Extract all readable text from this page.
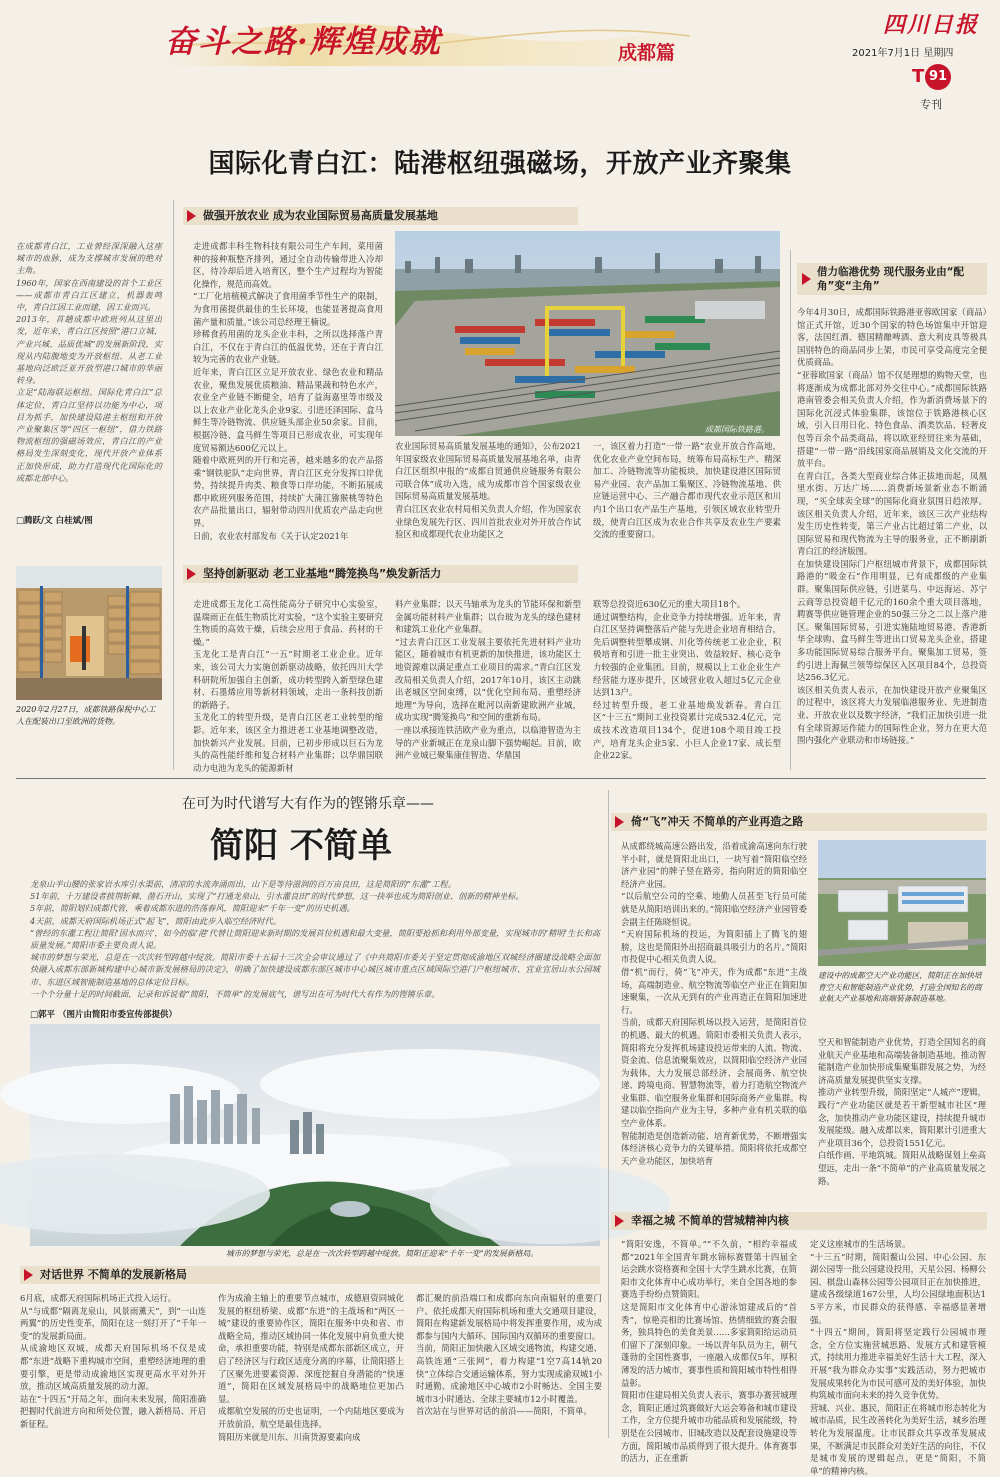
奋斗之路·辉煌成就	成都篇
四川日报
2021年7月1日 星期四
T 91
专刊
国际化青白江：陆港枢纽强磁场，开放产业齐聚集
做强开放农业 成为农业国际贸易高质量发展基地
在成都青白江，工业曾经深深融入这座城市的血脉，成为支撑城市发展的绝对主角。
1960年，国家在西南建设的首个工业区——成都市青白江区建立，机器轰鸣中，青白江因工业而建，因工业而兴。
2013年，首趟成都中欧班列从这里出发，近年来，青白江区按照“港口立城、产业兴城、品质优城”的发展新阶段，实现从内陆腹地变为开放枢纽、从老工业基地向泛欧泛亚开放型港口城市的华丽转身。
立足“陆海联运枢纽、国际化青白江”总体定位，青白江坚持以功能为中心，项目为抓手，加快建设陆港主枢纽和开放产业聚集区等“四区一枢纽”，借力铁路物流枢纽的强磁场效应，青白江的产业格局发生深刻变化，现代开放产业体系正加快形成，助力打造现代化国际化的成都北部中心。
□腾跃/文 白桂斌/图
2020年2月27日，成都铁路保税中心工人在配装出口至欧洲的货物。
成都国际铁路港。
走进成都丰科生物科技有限公司生产车间，菜用菌种的接种瓶整齐排列，通过全自动传输带进入冷却区，待冷却后进入培育区，整个生产过程均为智能化操作，规范而高效。
“工厂化培植模式解决了食用菌季节性生产的限制，为食用菌提供最佳的生长环境，也能显著提高食用菌产量和质量。”该公司总经理王楠说。
珍稀食药用菌的龙头企业丰科，之所以选择落户青白江，不仅在于青白江的低温优势，还在于青白江较为完善的农业产业链。
近年来，青白江区立足开放农业、绿色农业和精品农业，聚焦发展优质粮油、精品果蔬和特色水产，农业全产业链不断健全，培育了益海嘉里等市级及以上农业产业化龙头企业9家。引进还泽国际、盒马鲜生等冷链物流、供应链头部企业50余家。目前，根据冷链、盒马鲜生等项目已形成农业，可实现年度贸易额达600亿元以上。
随着中欧班列的开行和完善，越来越多的农产品搭乘“钢铁驼队”走向世界，青白江区充分发挥口岸优势，持续提升肉类、粮食等口岸功能，不断拓展成都中欧班列服务范围，持续扩大蒲江猕猴桃等特色农产品批量出口，辐射带动四川优质农产品走向世界。
日前，农业农村部发布《关于认定2021年
农业国际贸易高质量发展基地的通知》，公布2021年国家级农业国际贸易高质量发展基地名单，由青白江区组织申报的“成都自贸通供应链服务有限公司联合体”成功入选，成为成都市首个国家级农业国际贸易高质量发展基地。
青白江区农业农村局相关负责人介绍，作为国家农业绿色发展先行区、四川首批农业对外开放合作试验区和成都现代农业功能区之
一，该区着力打造“一带一路”农业开放合作高地，优化农业产业空间布局，统筹布局高标生产、精深加工、冷链物流等功能板块，加快建设港区国际贸易产业园、农产品加工集聚区、冷链物流基地、供应链运营中心、三产融合都市现代农业示范区和川内1个出口农产品生产基地，引领区域农业转型升级，使青白江区成为农业合作共享及农业生产要素交流的重要窗口。
坚持创新驱动 老工业基地“腾笼换鸟”焕发新活力
走进成都玉龙化工高性能高分子研究中心实验室，温瑞雨正在低生物质比对实验，“这个实验主要研究生物质的高效干燥，后续会应用于食品、药材的干燥。”
玉龙化工是青白江“一五”时期老工业企业。近年来，该公司大力实施创新驱动战略，依托四川大学科研院所加强自主创新，成功转型跨入新型绿色建材、石墨烯应用等新材料领域，走出一条科技创新的新路子。
玉龙化工的转型升级，是青白江区老工业转型的缩影。近年来，该区全力推进老工业基地调整改造，加快新兴产业发展。目前，已初步形成以巨石为龙头的高性能纤维和复合材料产业集群；以华鼎国联动力电池为龙头的能源新材
料产业集群；以天马轴承为龙头的节能环保和新型金属功能材料产业集群；以台玻为龙头的绿色建材和建筑工业化产业集群。
“过去青白江区工业发展主要依托先进材料产业功能区，随着城市有机更新的加快推进，该功能区土地资源难以满足重点工业项目的需求。”青白江区发改局相关负责人介绍，2017年10月，该区主动跳出老城区空间束缚，以“优化空间布局、重塑经济地理”为导向，选择在毗河以南新建欧洲产业城，成功实现“腾笼换鸟”和空间的重新布局。
一座以承接连铁活欧产业为重点，以临港智造为主导的产业新城正在龙泉山脚下强势崛起。目前，欧洲产业城已聚集康佳智造、华鼎国
联等总投资近630亿元的重大项目18个。
通过调整结构，企业竞争力持续增强。近年来，青白江区坚持调整落后产能与先进企业培育相结合，先后调整转型攀成钢、川化等传统老工业企业，积极培育和引进一批主业突出、效益较好、核心竞争力较强的企业集团。目前，规模以上工业企业生产经营能力逐步提升，区域营业收入超过5亿元企业达到13户。
经过转型升级，老工业基地焕发新春。青白江区“十三五”期间工业投资累计完成532.4亿元，完成技术改造项目134个，促进108个项目竣工投产，培育龙头企业5家、小巨人企业17家、成长型企业22家。
借力临港优势 现代服务业由“配角”变“主角”
今年4月30日，成都国际铁路港亚蓉欧国家（商品）馆正式开馆，近30个国家的特色场馆集中开馆迎客，法国红酒、德国精酿啤酒、意大利皮具等极具国别特色的商品同步上架，市民可享受高度完全便优质商品。
“亚蓉欧国家（商品）馆不仅是理想的购物天堂，也将逐渐成为成都北部对外交往中心。”成都国际铁路港南管委会相关负责人介绍，作为新消费场景下的国际化沉浸式体验集群，该馆位于铁路港核心区域，引入日用日化、特色食品、酒类饮品、轻奢皮包等百余个品类商品，将以欧亚经贸往来为基础，搭建“一带一路”沿线国家商品展销及文化交流的开放平台。
在青白江，各类大型商业综合体正拔地而起，凤凰里水街、万达广场……消费新场景新业态不断涌现，“买全球卖全球”的国际化商业氛围日趋浓厚。该区相关负责人介绍，近年来，该区三次产业结构发生历史性转变，第三产业占比超过第二产业，以国际贸易和现代物流为主导的服务业，正不断刷新青白江的经济版图。
在加快建设国际门户枢纽城市背景下，成都国际铁路港的“吸金石”作用明显，已有成都级的产业集群。聚集国际供应链，引进菜鸟、中远海运、苏宁云商等总投资超千亿元的160余个重大项目落地，聘赛等供应链管理企业的50强三分之二以上落户港区。聚集国际贸易，引进实施陆地贸易港、香港新华全球购、盒马鲜生等进出口贸易龙头企业，搭建多功能国际贸易综合服务平台。聚集加工贸易，签约引进上海佩兰领等综保区入区项目84个，总投资达256.3亿元。
该区相关负责人表示，在加快建设开放产业聚集区的过程中，该区将大力发展临港服务业、先进制造业、开放农业以及数字经济，“我们正加快引进一批有全球资源运作能力的国际性企业，努力在更大范围内强化产业联动和市场链接。”
在可为时代谱写大有作为的铿锵乐章——
简阳 不简单
龙泉山半山腰的张家岩水库引水渠前，清凉的水流奔涌而出，山下是等待滋润的百万亩良田，这是简阳的“东灌”工程。
51年前，十万建设者披荆斩棘、凿石开山，实现了“打通龙泉山，引水灌良田”的时代梦想，这一抉举也成为简阳创业、创新的精神坐标。
5年前，简阳划归成都代管，乘着成都东进的浩荡春风，简阳迎来“千年一变”的历史机遇。
4天前，成都天府国际机场正式“起飞”，简阳由此步入临空经济时代。
“曾经的东灌工程让简阳‘因水而兴’，如今的临‘港’代替让简阳迎来新时期的发展首位机遇和最大变量，简阳要抢抓和利用外部变量，实现城市的‘精明’生长和高质量发展。”简阳市委主要负责人说。
城市的梦想与荣光，总是在一次次转型跨越中绽放。简阳市委十五届十三次全会审议通过了《中共简阳市委关于坚定贯彻成渝地区双城经济圈建设战略全面加快融入成都东部新城构建中心城市新发展格局的决定》，明确了加快建设成都东部区城市中心城区城市重点区域国际空港门户枢纽城市、宜业宜居山水公园城市、东进区域智能制造基地的总体定位目标。
一个个分量十足的时间截面，记录和诉说着“简阳，不简单”的发展底气，谱写出在可为时代大有作为的铿锵乐章。
□郭平 （图片由简阳市委宣传部提供）
城市的梦想与荣光，总是在一次次转型跨越中绽放。简阳正迎来“千年一变”的发展新格局。
对话世界 不简单的发展新格局
6月底，成都天府国际机场正式投入运行。
从“与成都”隔离龙泉山，风景雨薰天”，到“一山连两翼”的历史性变革，简阳在这一刻打开了“千年一变”的发展新局面。
从成渝地区双城，成都天府国际机场不仅是成都“东进”战略下重构城市空间，重塑经济地理的重要引擎，更是带动成渝地区实现更高水平对外开放，推动区域高质量发展的动力源。
站在“十四五”开局之年，面向未来发展，简阳准确把握时代前进方向和所处位置，融入新格局、开启新征程。
作为成渝主轴上的重要节点城市，成德眉资同城化发展的枢纽桥梁、成都“东进”的主战场和“两区一城”建设的重要协作区，简阳在服务中央和省、市战略全局，推动区域协同一体化发展中肩负重大使命，承担重要功能，特别是成都东部新区成立，开启了经济区与行政区适度分离的序幕，让简阳搭上了区聚先进要素资源、深度挖掘自身潜能的“快速道”，简阳在区域发展格局中的战略地位更加凸显。
成都航空发展的历史也证明，一个内陆地区要成为开放前沿，航空是最佳选择。
简阳历来就是川东、川南货源要素向成
都汇聚的前沿端口和成都向东向南辐射的重要门户。依托成都天府国际机场和重大交通项目建设，简阳在构建新发展格局中将发挥重要作用，成为成都参与国内大循环、国际国内双循环的重要窗口。
当前，简阳正加快融入区域交通物流，构建交通、高铁连通“三张网”，着力构建“1空7高14轨20快”立体综合交通运输体系，努力实现成渝双城1小时通勤、成渝地区中心城市2小时畅达、全国主要城市3小时通达、全球主要城市12小时覆盖。
首次站在与世界对话的前沿——简阳，不简单。
倚“飞”冲天 不简单的产业再造之路
从成都绕城高速公路出发，沿着成渝高速向东行驶半小时，就是简阳北出口，一块写着“简阳临空经济产业园”的牌子竖在路旁，指向附近的简阳临空经济产业园。
“以后航空公司的空乘、地勤人员甚至飞行员可能就是从简阳培训出来的。”简阳临空经济产业园管委会副主任陈晓恒说。
“天府国际机场的投运，为简阳插上了腾飞的翅膀，这也是简阳外出招商最具吸引力的名片。”简阳市投促中心相关负责人说。
借“机”而行，倚“飞”冲天，作为成都“东进”主战场，高端制造业、航空物流等临空产业正在简阳加速聚集，一次从无到有的产业再造正在简阳加速进行。
当前，成都天府国际机场以投入运营，是简阳首位的机遇、最大的机遇。简阳市委相关负责人表示，简阳将充分发挥机场建设投运带来的人流、物流、资金流、信息流聚集效应，以简阳临空经济产业园为载体，大力发展总部经济、会展商务、航空快递、跨境电商、智慧物流等，着力打造航空物流产业集群、临空服务业集群和国际商务产业集群。构建以临空指向产业为主导，多种产业有机关联的临空产业体系。
智能制造是创造新动能、培育新优势，不断增强实体经济核心竞争力的关键举措。简阳将依托成都空天产业功能区，加快培育
建设中的成都空天产业功能区，简阳正在加快培育空天和智能制造产业优势，打造全国知名的商业航天产业基地和高端装备制造基地。
空天和智能制造产业优势，打造全国知名的商业航天产业基地和高端装备制造基地。推动智能制造产业加快形成集聚集群发展之势，为经济高质量发展提供坚实支撑。
推动产业转型升级，简阳坚定“人城产”逻辑，践行“产业功能区就是若干新型城市社区”理念，加快推动产业功能区建设，持续提升城市发展能级。融入成都以来，简阳累计引进重大产业项目36个，总投资1551亿元。
白纸作画、平地筑城。简阳从战略谋划上垒高望远，走出一条“不简单”的产业高质量发展之路。
幸福之城 不简单的营城精神内核
“简阳安逸，不简单。”“不久前，“相约幸福成都”2021年全国青年跳水锦标赛暨第十四届全运会跳水资格赛和全国十大学生跳水比赛，在简阳市文化体育中心成功举行，来自全国各地的参赛选手纷纷点赞简阳。
这是简阳市文化体育中心游泳馆建成后的“首秀”，惊艳亮相的比赛场馆、热情细致的赛会服务，独具特色的美食美景……多家简阳给运动员们留下了深刻印象。一场以青年队员为主，朝气蓬勃的全国性赛事，一座融入成都仅5年，厚积薄发的活力城市，赛事性质和简阳城市特性相得益彰。
简阳市住建局相关负责人表示，赛事办赛营城理念，简阳正通过筑赛做好大运会筹备和城市建设工作，全方位提升城市功能品质和发展能级，特别是在公园城市、旧城改造以及配套设施建设等方面，简阳城市品质得到了很大提升。体育赛事的活力，正在重新
定义这座城市的生活场景。
“十三五”时期，简阳鳌山公园、中心公园、东湖公园等一批公园建设投用，天星公园、杨柳公园、棋盘山森林公园等公园项目正在加快推进，建成各级绿道167公里，人均公园绿地面积达15平方米，市民群众的获得感、幸福感显著增强。
“十四五”期间，简阳将坚定践行公园城市理念，全方位实施营城思路、发展方式和建管模式，持续用力推进幸福美好生活十大工程，深入开展“我为群众办实事”实践活动，努力把城市发展成果转化为市民可感可及的美好体验，加快构筑城市面向未来的持久竞争优势。
营城、兴业、惠民，简阳正在将城市形态转化为城市品质，民生改善转化为美好生活，城乡治理转化为发展温度。让市民群众共享改革发展成果，不断满足市民群众对美好生活的向往，不仅是城市发展的逻辑起点，更是“简阳，不简单”的精神内核。
